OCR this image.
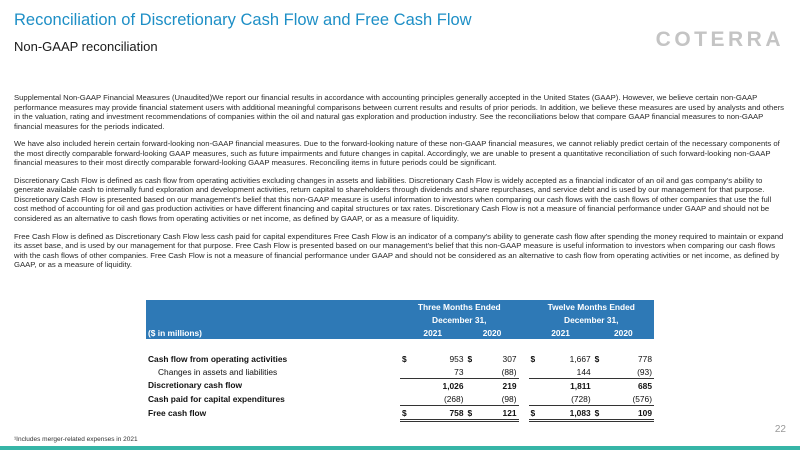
Reconciliation of Discretionary Cash Flow and Free Cash Flow
Non-GAAP reconciliation	COTERRA

Supplemental Non-GAAP Financial Measures (Unaudited)We report our financial results in accordance with accounting principles generally accepted in the United States (GAAP). However, we believe certain non-GAAP performance measures may provide financial statement users with additional meaningful comparisons between current results and results of prior periods. In addition, we believe these measures are used by analysts and others in the valuation, rating and investment recommendations of companies within the oil and natural gas exploration and production industry. See the reconciliations below that compare GAAP financial measures to non-GAAP financial measures for the periods indicated.

We have also included herein certain forward-looking non-GAAP financial measures. Due to the forward-looking nature of these non-GAAP financial measures, we cannot reliably predict certain of the necessary components of the most directly comparable forward-looking GAAP measures, such as future impairments and future changes in capital. Accordingly, we are unable to present a quantitative reconciliation of such forward-looking non-GAAP financial measures to their most directly comparable forward-looking GAAP measures. Reconciling items in future periods could be significant.

Discretionary Cash Flow is defined as cash flow from operating activities excluding changes in assets and liabilities. Discretionary Cash Flow is widely accepted as a financial indicator of an oil and gas company's ability to generate available cash to internally fund exploration and development activities, return capital to shareholders through dividends and share repurchases, and service debt and is used by our management for that purpose. Discretionary Cash Flow is presented based on our management's belief that this non-GAAP measure is useful information to investors when comparing our cash flows with the cash flows of other companies that use the full cost method of accounting for oil and gas production activities or have different financing and capital structures or tax rates. Discretionary Cash Flow is not a measure of financial performance under GAAP and should not be considered as an alternative to cash flows from operating activities or net income, as defined by GAAP, or as a measure of liquidity.

Free Cash Flow is defined as Discretionary Cash Flow less cash paid for capital expenditures Free Cash Flow is an indicator of a company's ability to generate cash flow after spending the money required to maintain or expand its asset base, and is used by our management for that purpose. Free Cash Flow is presented based on our management's belief that this non-GAAP measure is useful information to investors when comparing our cash flows with the cash flows of other companies. Free Cash Flow is not a measure of financial performance under GAAP and should not be considered as an alternative to cash flow from operating activities or net income, as defined by GAAP, or as a measure of liquidity.

	Three Months Ended					Twelve Months Ended			
	December 31,					December 31,			
($ in millions)	2021		2020			2021		2020	

Cash flow from operating activities	$	953	$	307		$	1,667	$	778
Changes in assets and liabilities		73		(88)			144		(93)
Discretionary cash flow		1,026		219			1,811		685
Cash paid for capital expenditures		(268)		(98)			(728)		(576)
Free cash flow	$	758	$	121		$	1,083	$	109
¹Includes merger-related expenses in 2021
22
